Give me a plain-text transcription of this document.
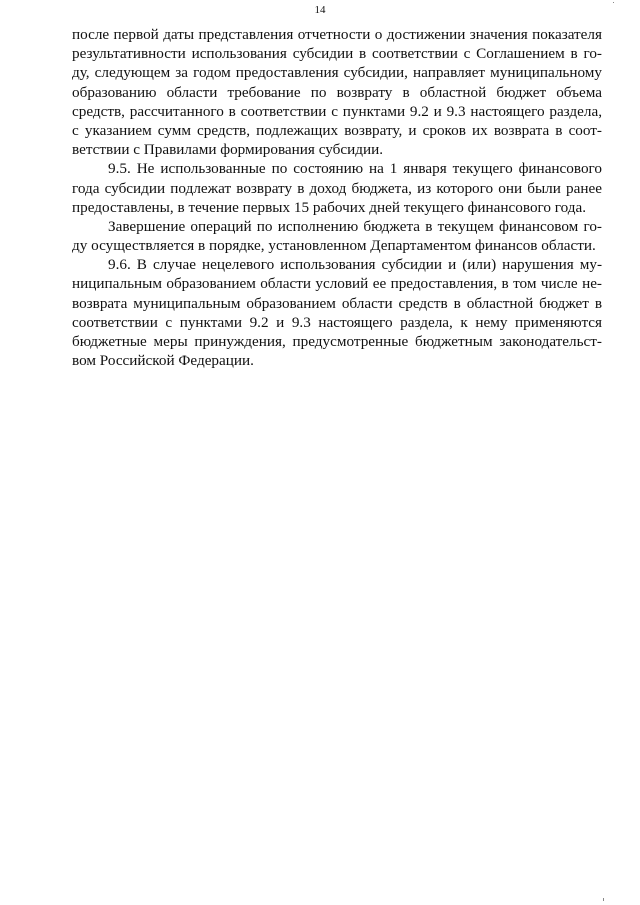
14
после первой даты представления отчетности о достижении значения показателя
результативности использования субсидии в соответствии с Соглашением в го-
ду, следующем за годом предоставления субсидии, направляет муниципальному
образованию области требование по возврату в областной бюджет объема
средств, рассчитанного в соответствии с пунктами 9.2 и 9.3 настоящего раздела,
с указанием сумм средств, подлежащих возврату, и сроков их возврата в соот-
ветствии с Правилами формирования субсидии.
9.5. Не использованные по состоянию на 1 января текущего финансового
года субсидии подлежат возврату в доход бюджета, из которого они были ранее
предоставлены, в течение первых 15 рабочих дней текущего финансового года.
Завершение операций по исполнению бюджета в текущем финансовом го-
ду осуществляется в порядке, установленном Департаментом финансов области.
9.6. В случае нецелевого использования субсидии и (или) нарушения му-
ниципальным образованием области условий ее предоставления, в том числе не-
возврата муниципальным образованием области средств в областной бюджет в
соответствии с пунктами 9.2 и 9.3 настоящего раздела, к нему применяются
бюджетные меры принуждения, предусмотренные бюджетным законодательст-
вом Российской Федерации.
